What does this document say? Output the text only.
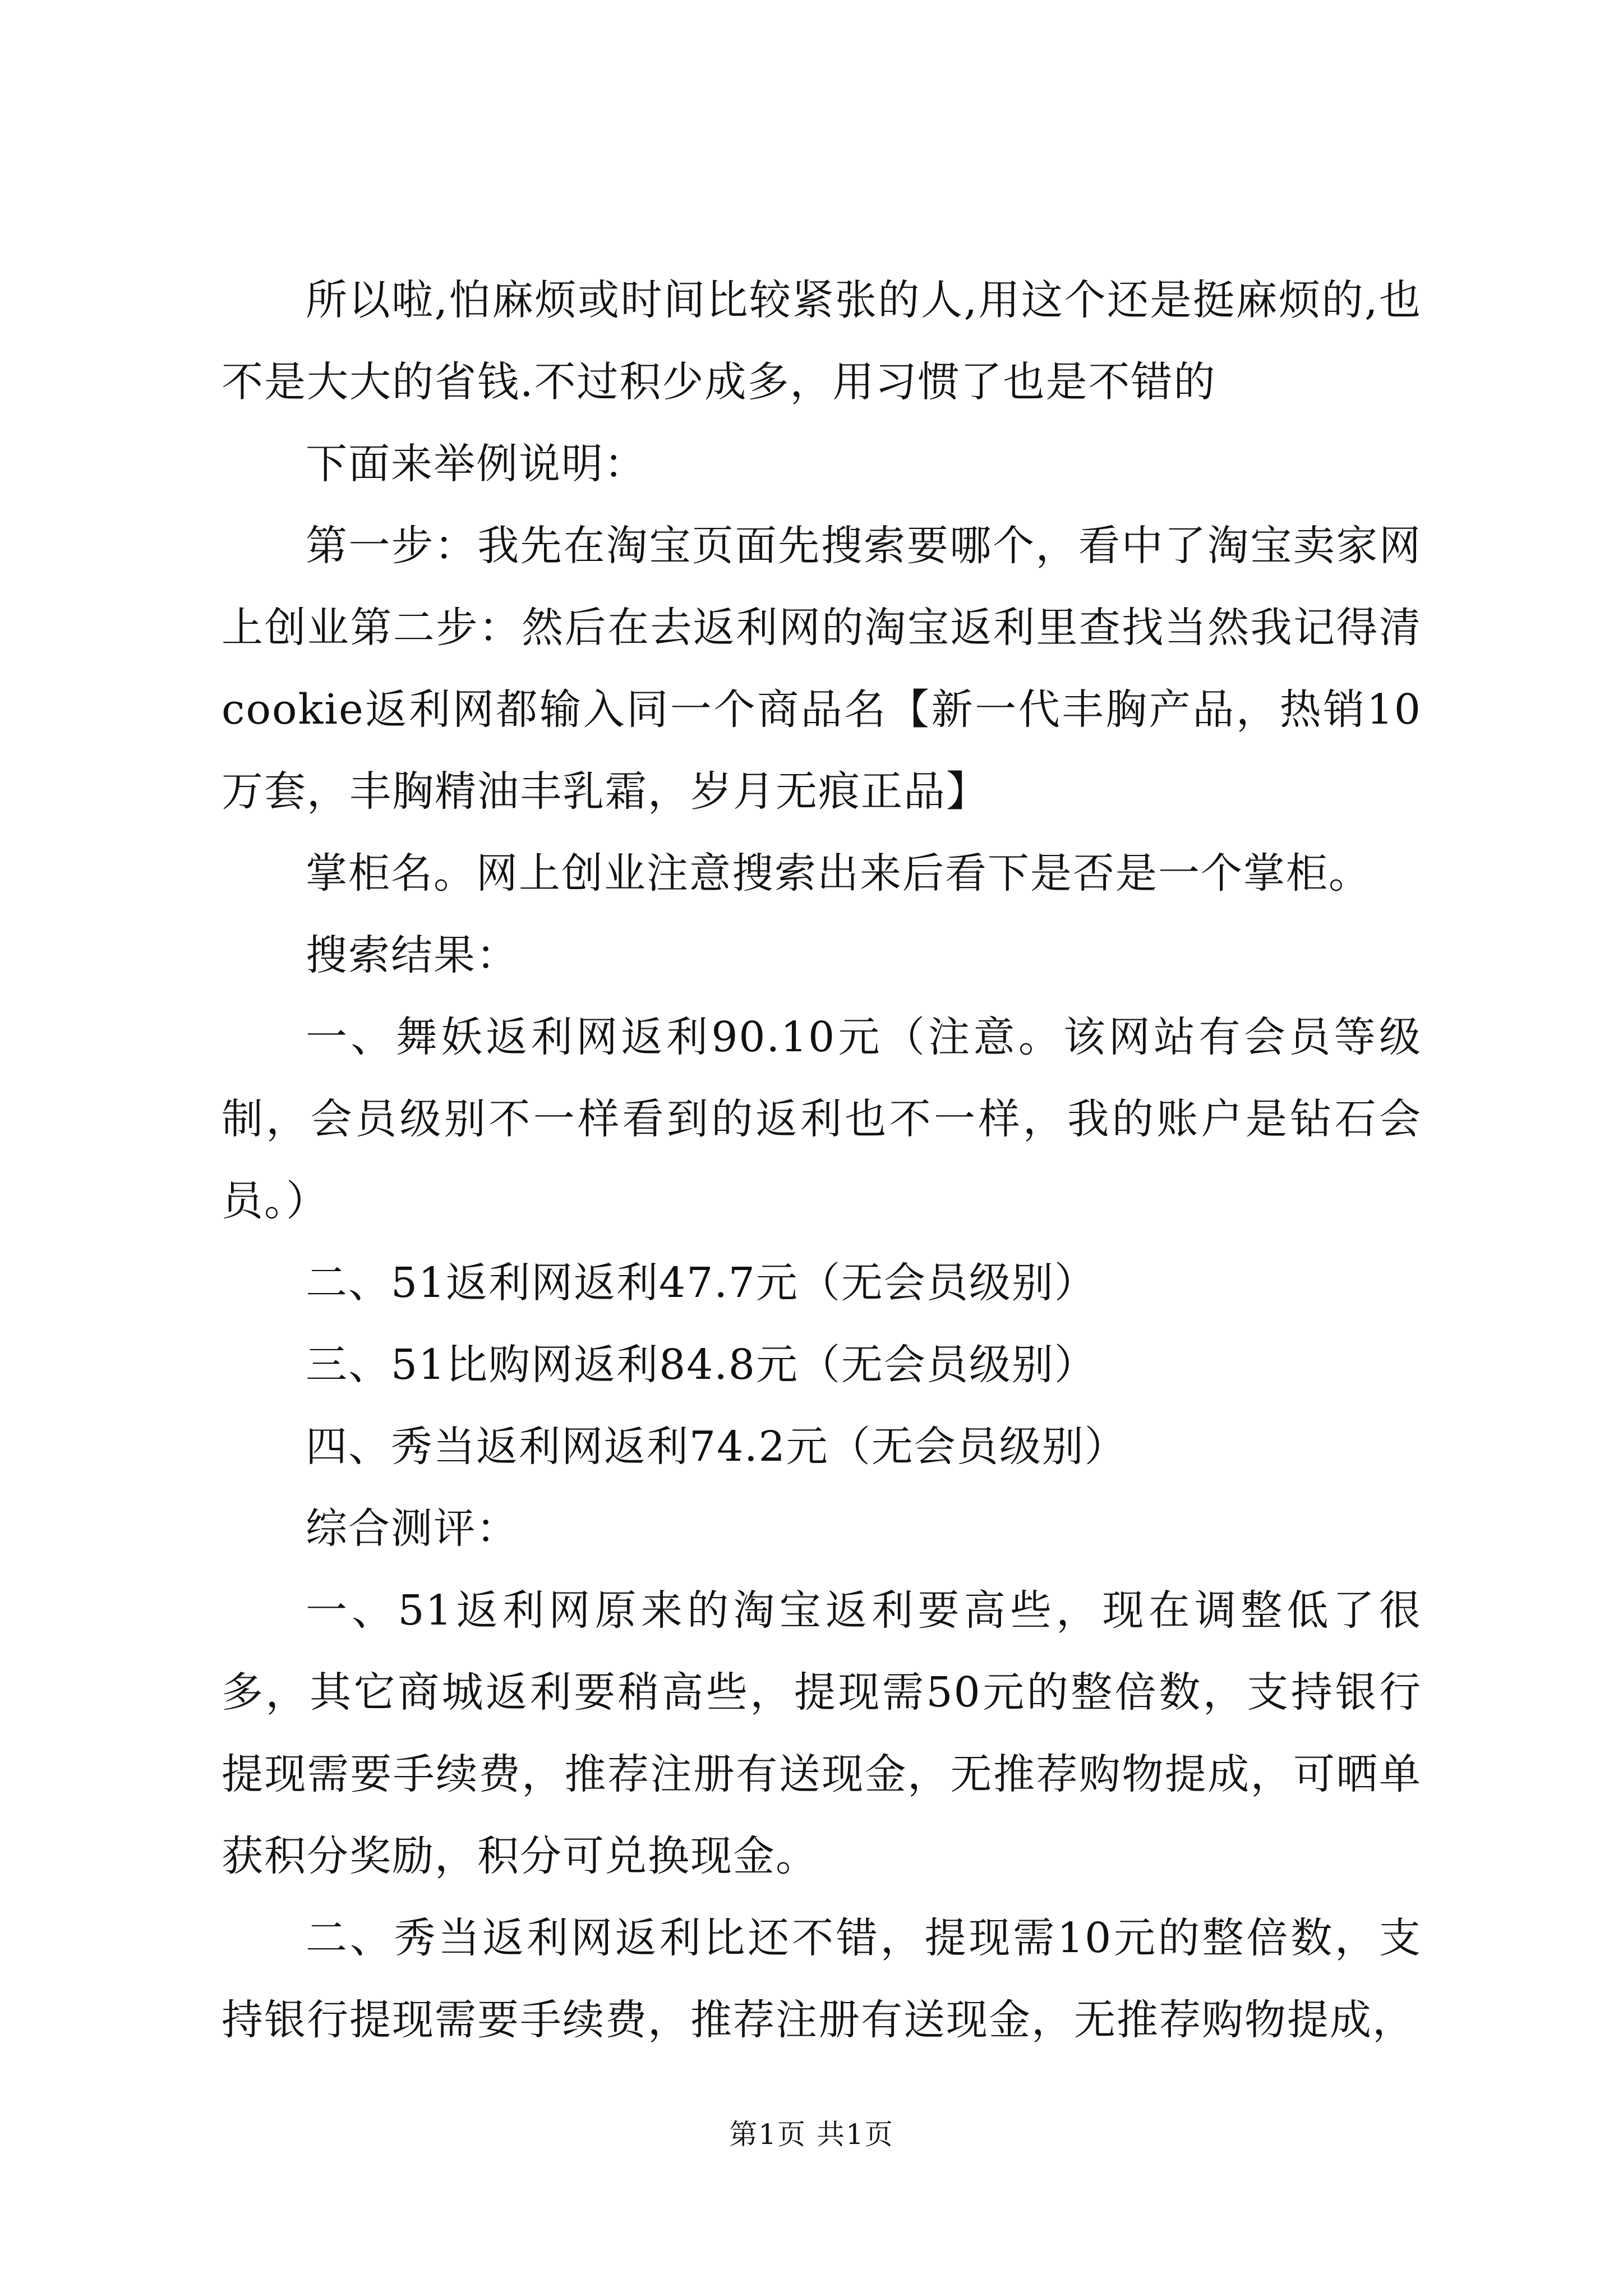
所以啦,怕麻烦或时间比较紧张的人,用这个还是挺麻烦的,也不是大大的省钱.不过积少成多，用习惯了也是不错的

下面来举例说明：

第一步：我先在淘宝页面先搜索要哪个，看中了淘宝卖家网上创业第二步：然后在去返利网的淘宝返利里查找当然我记得清cookie返利网都输入同一个商品名【新一代丰胸产品，热销10万套，丰胸精油丰乳霜，岁月无痕正品】

掌柜名。网上创业注意搜索出来后看下是否是一个掌柜。

搜索结果：

一、舞妖返利网返利90.10元（注意。该网站有会员等级制，会员级别不一样看到的返利也不一样，我的账户是钻石会员。）

二、51返利网返利47.7元（无会员级别）

三、51比购网返利84.8元（无会员级别）

四、秀当返利网返利74.2元（无会员级别）

综合测评：

一、51返利网原来的淘宝返利要高些，现在调整低了很多，其它商城返利要稍高些，提现需50元的整倍数，支持银行提现需要手续费，推荐注册有送现金，无推荐购物提成，可晒单获积分奖励，积分可兑换现金。

二、秀当返利网返利比还不错，提现需10元的整倍数，支持银行提现需要手续费，推荐注册有送现金，无推荐购物提成，

第1页 共1页
